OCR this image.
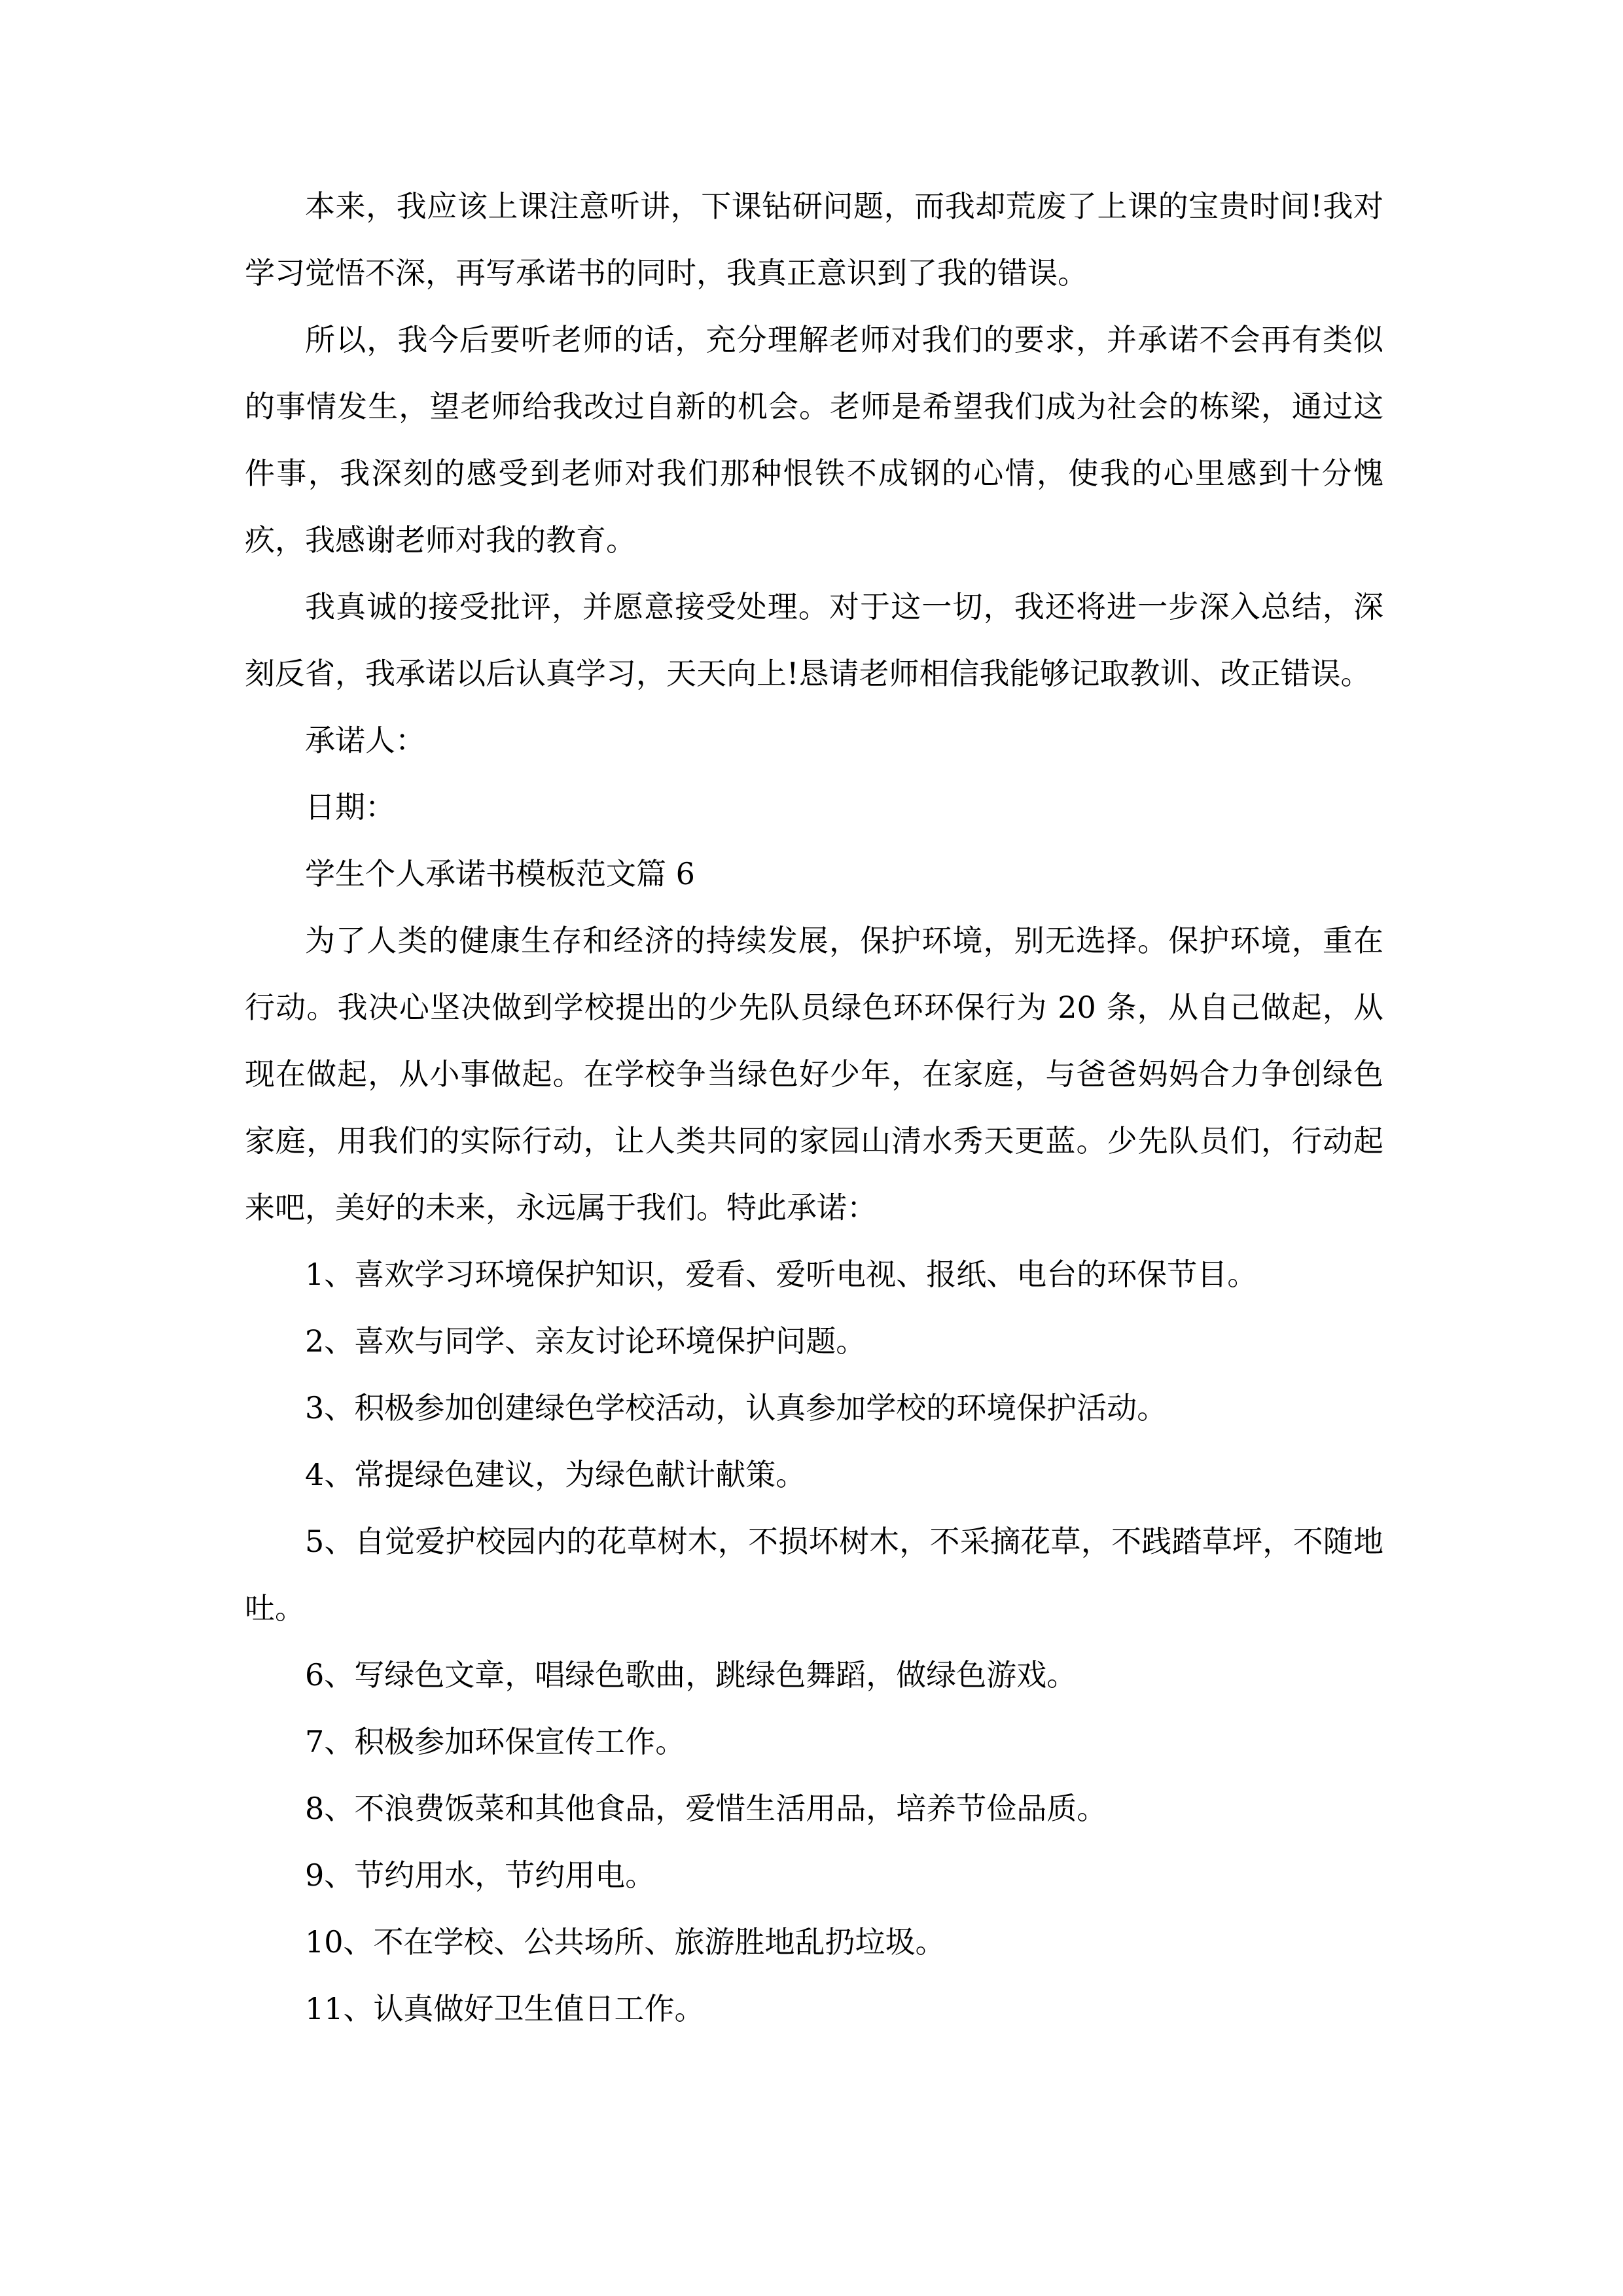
本来，我应该上课注意听讲，下课钻研问题，而我却荒废了上课的宝贵时间!我对学习觉悟不深，再写承诺书的同时，我真正意识到了我的错误。

所以，我今后要听老师的话，充分理解老师对我们的要求，并承诺不会再有类似的事情发生，望老师给我改过自新的机会。老师是希望我们成为社会的栋梁，通过这件事，我深刻的感受到老师对我们那种恨铁不成钢的心情，使我的心里感到十分愧疚，我感谢老师对我的教育。

我真诚的接受批评，并愿意接受处理。对于这一切，我还将进一步深入总结，深刻反省，我承诺以后认真学习，天天向上!恳请老师相信我能够记取教训、改正错误。

承诺人：

日期：

学生个人承诺书模板范文篇 6

为了人类的健康生存和经济的持续发展，保护环境，别无选择。保护环境，重在行动。我决心坚决做到学校提出的少先队员绿色环环保行为 20 条，从自己做起，从现在做起，从小事做起。在学校争当绿色好少年，在家庭，与爸爸妈妈合力争创绿色家庭，用我们的实际行动，让人类共同的家园山清水秀天更蓝。少先队员们，行动起来吧，美好的未来，永远属于我们。特此承诺：

1、喜欢学习环境保护知识，爱看、爱听电视、报纸、电台的环保节目。

2、喜欢与同学、亲友讨论环境保护问题。

3、积极参加创建绿色学校活动，认真参加学校的环境保护活动。

4、常提绿色建议，为绿色献计献策。

5、自觉爱护校园内的花草树木，不损坏树木，不采摘花草，不践踏草坪，不随地吐。

6、写绿色文章，唱绿色歌曲，跳绿色舞蹈，做绿色游戏。

7、积极参加环保宣传工作。

8、不浪费饭菜和其他食品，爱惜生活用品，培养节俭品质。

9、节约用水，节约用电。

10、不在学校、公共场所、旅游胜地乱扔垃圾。

11、认真做好卫生值日工作。
